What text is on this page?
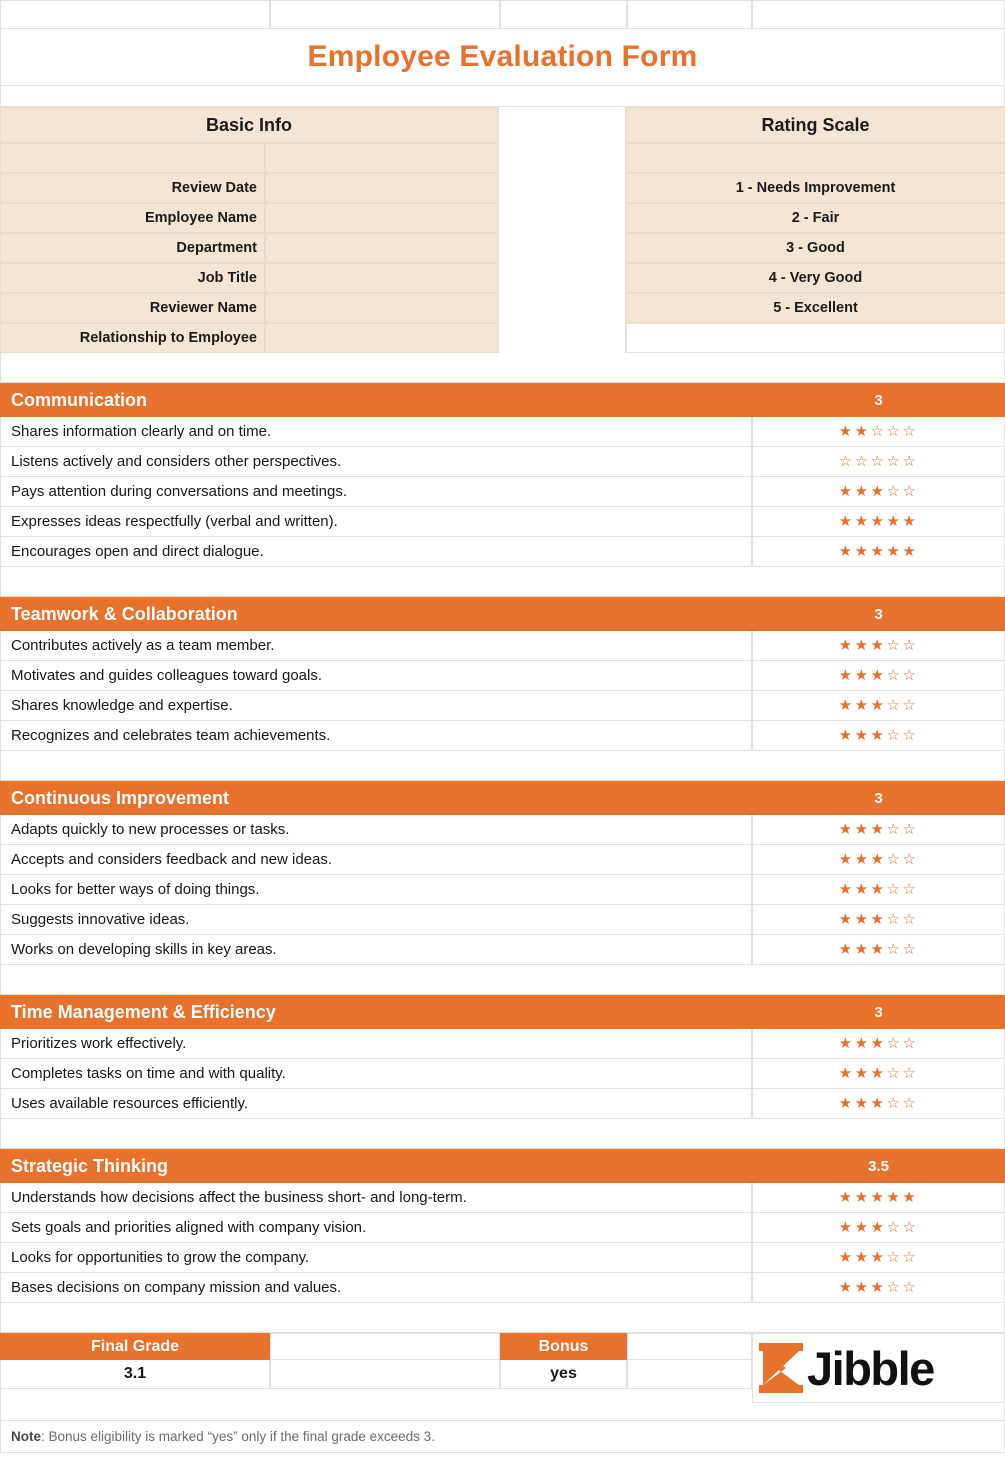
Employee Evaluation Form
Basic Info
Review Date
Employee Name
Department
Job Title
Reviewer Name
Relationship to Employee
Rating Scale
1 - Needs Improvement
2 - Fair
3 - Good
4 - Very Good
5 - Excellent
Communication	3
Shares information clearly and on time.	★★☆☆☆
Listens actively and considers other perspectives.	☆☆☆☆☆
Pays attention during conversations and meetings.	★★★☆☆
Expresses ideas respectfully (verbal and written).	★★★★★
Encourages open and direct dialogue.	★★★★★
Teamwork & Collaboration	3
Contributes actively as a team member.	★★★☆☆
Motivates and guides colleagues toward goals.	★★★☆☆
Shares knowledge and expertise.	★★★☆☆
Recognizes and celebrates team achievements.	★★★☆☆
Continuous Improvement	3
Adapts quickly to new processes or tasks.	★★★☆☆
Accepts and considers feedback and new ideas.	★★★☆☆
Looks for better ways of doing things.	★★★☆☆
Suggests innovative ideas.	★★★☆☆
Works on developing skills in key areas.	★★★☆☆
Time Management & Efficiency	3
Prioritizes work effectively.	★★★☆☆
Completes tasks on time and with quality.	★★★☆☆
Uses available resources efficiently.	★★★☆☆
Strategic Thinking	3.5
Understands how decisions affect the business short- and long-term.	★★★★★
Sets goals and priorities aligned with company vision.	★★★☆☆
Looks for opportunities to grow the company.	★★★☆☆
Bases decisions on company mission and values.	★★★☆☆
Final Grade	Bonus	Jibble
3.1	yes
Note : Bonus eligibility is marked “yes” only if the final grade exceeds 3.
